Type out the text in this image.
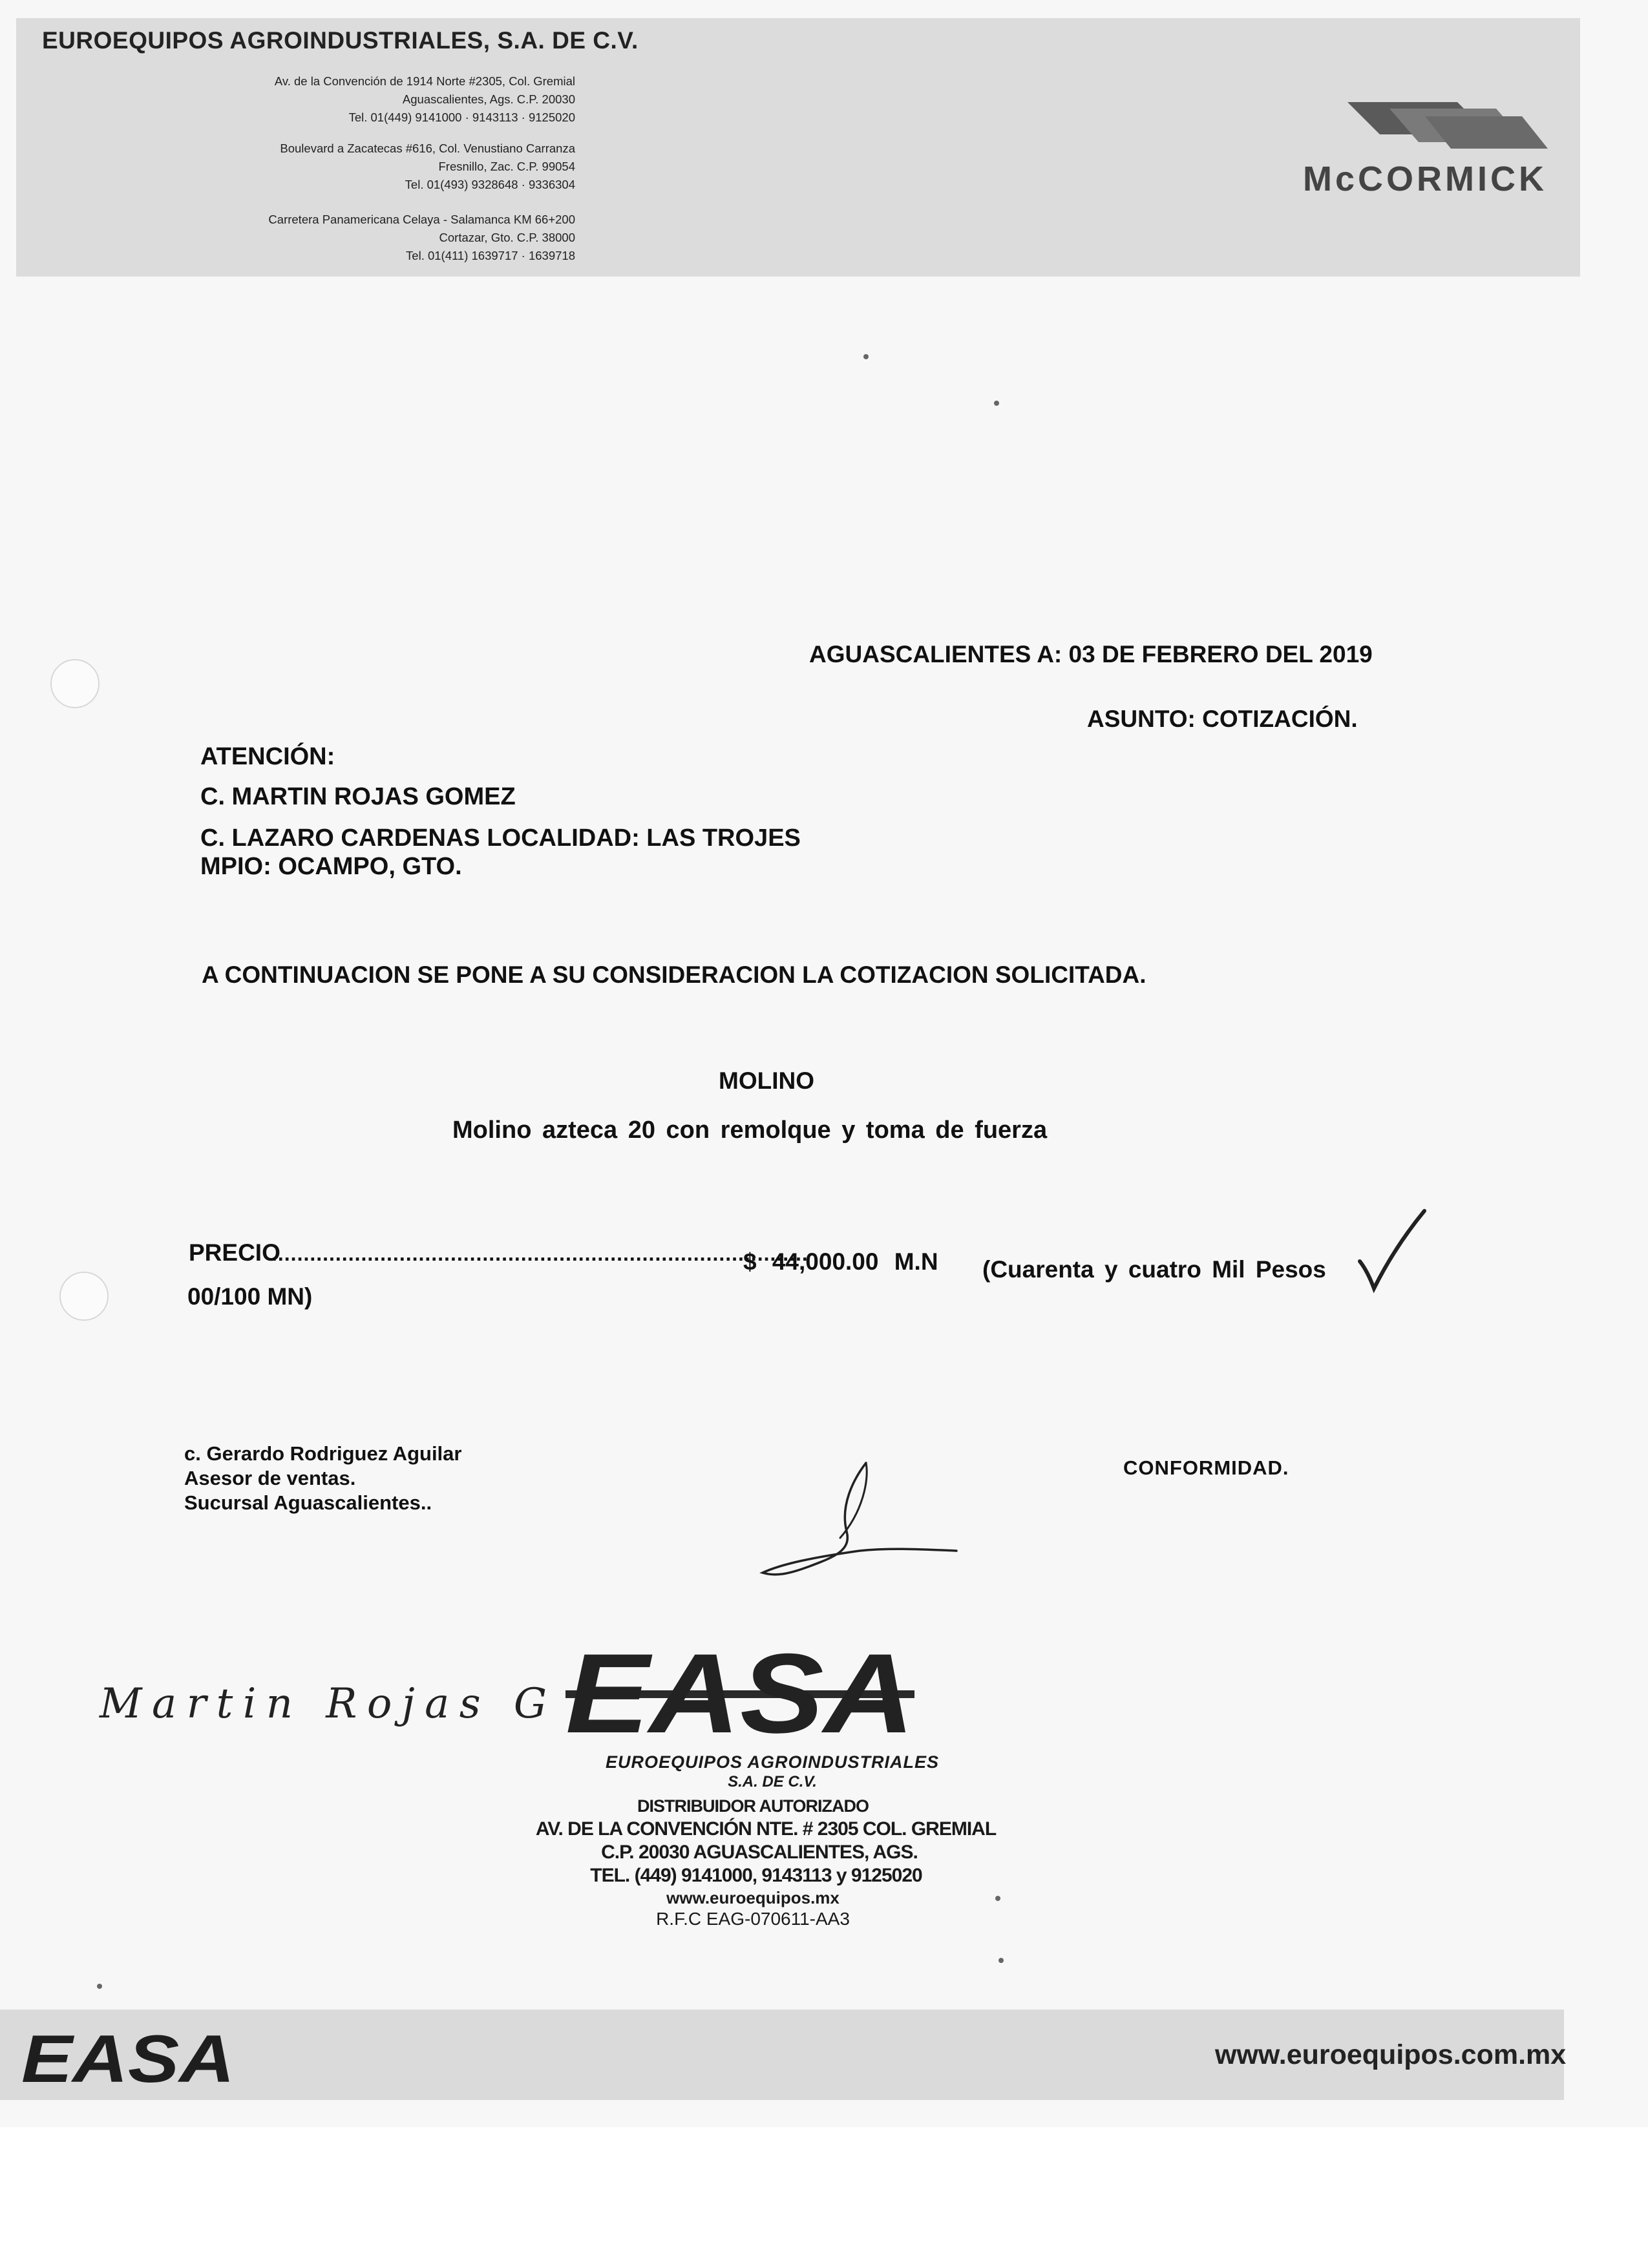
EUROEQUIPOS AGROINDUSTRIALES, S.A. DE C.V.
Av. de la Convención de 1914 Norte #2305, Col. Gremial
Aguascalientes, Ags. C.P. 20030
Tel. 01(449) 9141000 · 9143113 · 9125020
Boulevard a Zacatecas #616, Col. Venustiano Carranza
Fresnillo, Zac. C.P. 99054
Tel. 01(493) 9328648 · 9336304
Carretera Panamericana Celaya - Salamanca KM 66+200
Cortazar, Gto. C.P. 38000
Tel. 01(411) 1639717 · 1639718
McCORMICK
AGUASCALIENTES A: 03 DE FEBRERO DEL 2019
ASUNTO: COTIZACIÓN.
ATENCIÓN:
C. MARTIN ROJAS GOMEZ
C. LAZARO CARDENAS LOCALIDAD: LAS TROJES
MPIO: OCAMPO, GTO.
A CONTINUACION SE PONE A SU CONSIDERACION LA COTIZACION SOLICITADA.
MOLINO
Molino azteca 20 con remolque y toma de fuerza
PRECIO
....................................................................................
$ 44,000.00 M.N (Cuarenta y cuatro Mil Pesos
00/100 MN)
c. Gerardo Rodriguez Aguilar
Asesor de ventas.
Sucursal Aguascalientes..
CONFORMIDAD.
Martin Rojas G EASA
EUROEQUIPOS AGROINDUSTRIALES
S.A. DE C.V.
DISTRIBUIDOR AUTORIZADO
AV. DE LA CONVENCIÓN NTE. # 2305 COL. GREMIAL
C.P. 20030 AGUASCALIENTES, AGS.
TEL. (449) 9141000, 9143113 y 9125020
www.euroequipos.mx
R.F.C EAG-070611-AA3
EASA	www.euroequipos.com.mx
